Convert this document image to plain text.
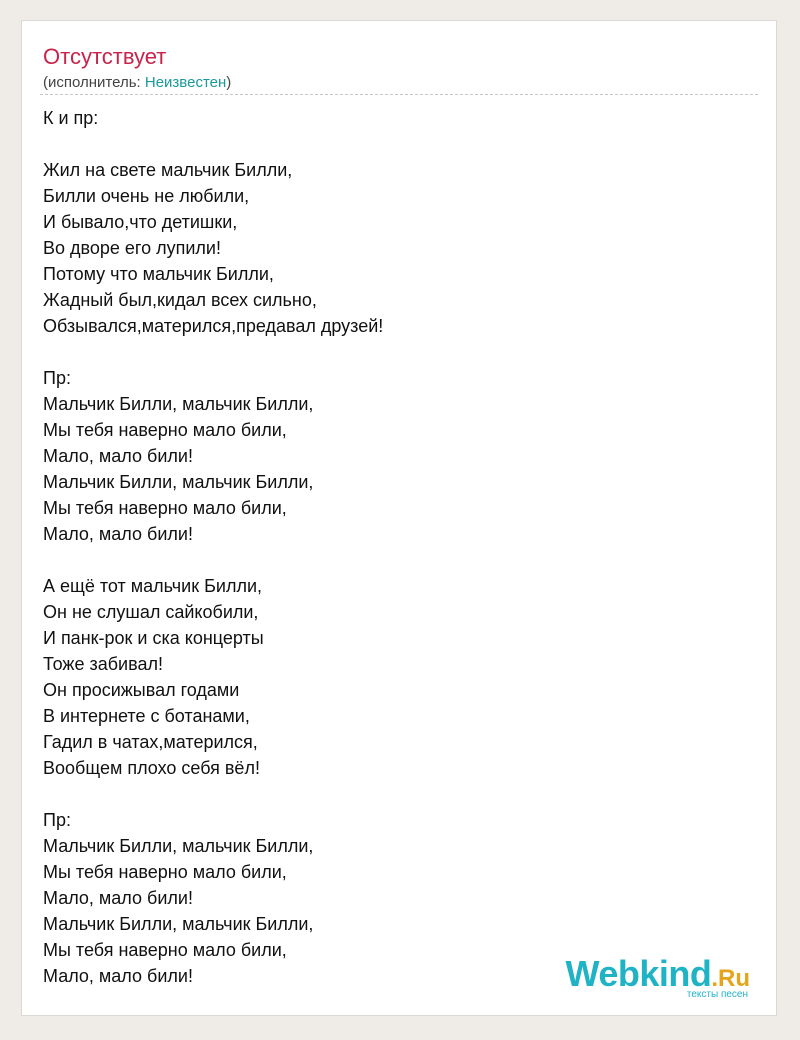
Отсутствует
(исполнитель: Неизвестен)
К и пр:
Жил на свете мальчик Билли,
Билли очень не любили,
И бывало,что детишки,
Во дворе его лупили!
Потому что мальчик Билли,
Жадный был,кидал всех сильно,
Обзывался,матерился,предавал друзей!
Пр:
Мальчик Билли, мальчик Билли,
Мы тебя наверно мало били,
Мало, мало били!
Мальчик Билли, мальчик Билли,
Мы тебя наверно мало били,
Мало, мало били!
А ещё тот мальчик Билли,
Он не слушал сайкобили,
И панк-рок и ска концерты
Тоже забивал!
Он просижывал годами
В интернете с ботанами,
Гадил в чатах,матерился,
Вообщем плохо себя вёл!
Пр:
Мальчик Билли, мальчик Билли,
Мы тебя наверно мало били,
Мало, мало били!
Мальчик Билли, мальчик Билли,
Мы тебя наверно мало били,
Мало, мало били!	Webkind.Ru
тексты песен
